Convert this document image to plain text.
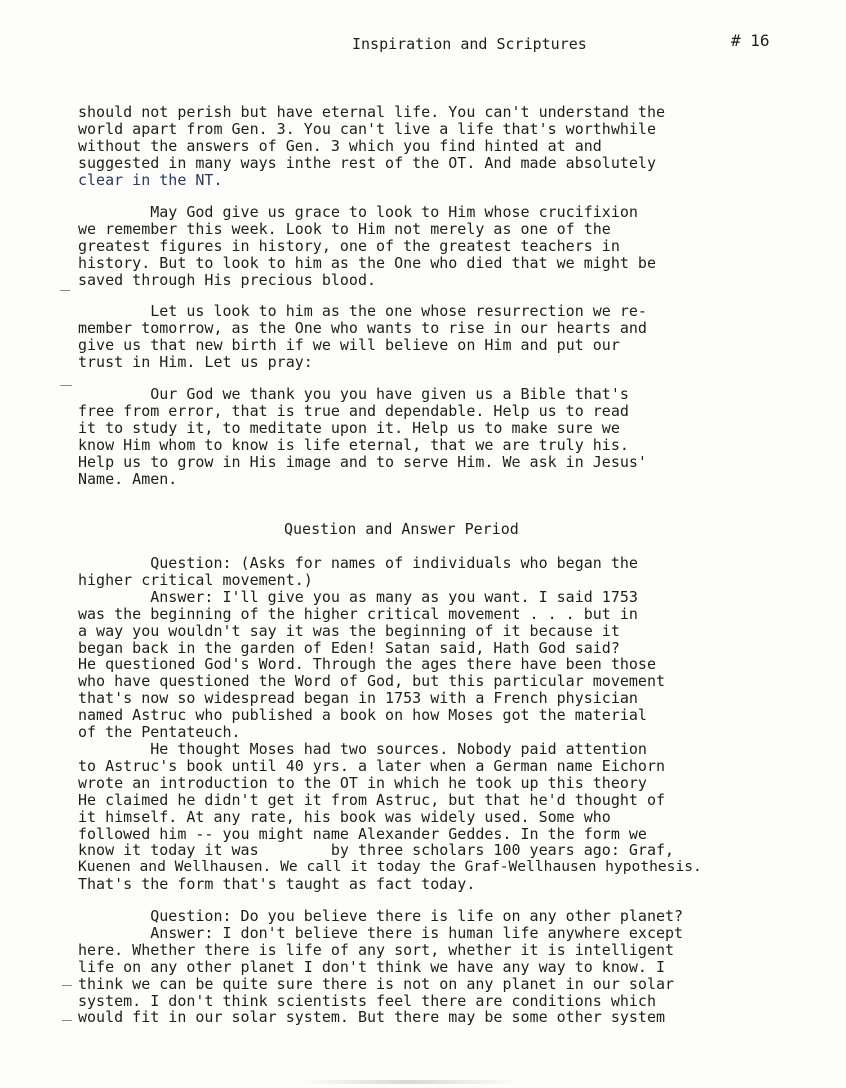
Inspiration and Scriptures	# 16

should not perish but have eternal life. You can't understand the

world apart from Gen. 3. You can't live a life that's worthwhile

without the answers of Gen. 3 which you find hinted at and

suggested in many ways inthe rest of the OT. And made absolutely

clear in the NT.

May God give us grace to look to Him whose crucifixion

we remember this week. Look to Him not merely as one of the

greatest figures in history, one of the greatest teachers in

history. But to look to him as the One who died that we might be

saved through His precious blood.

Let us look to him as the one whose resurrection we re-

member tomorrow, as the One who wants to rise in our hearts and

give us that new birth if we will believe on Him and put our

trust in Him. Let us pray:

Our God we thank you you have given us a Bible that's

free from error, that is true and dependable. Help us to read

it to study it, to meditate upon it. Help us to make sure we

know Him whom to know is life eternal, that we are truly his.

Help us to grow in His image and to serve Him. We ask in Jesus'

Name. Amen.

Question and Answer Period

Question: (Asks for names of individuals who began the

higher critical movement.)

Answer: I'll give you as many as you want. I said 1753

was the beginning of the higher critical movement . . . but in

a way you wouldn't say it was the beginning of it because it

began back in the garden of Eden! Satan said, Hath God said?

He questioned God's Word. Through the ages there have been those

who have questioned the Word of God, but this particular movement

that's now so widespread began in 1753 with a French physician

named Astruc who published a book on how Moses got the material

of the Pentateuch.

He thought Moses had two sources. Nobody paid attention

to Astruc's book until 40 yrs. a later when a German name Eichorn

wrote an introduction to the OT in which he took up this theory

He claimed he didn't get it from Astruc, but that he'd thought of

it himself. At any rate, his book was widely used. Some who

followed him -- you might name Alexander Geddes. In the form we

know it today it was        by three scholars 100 years ago: Graf,

Kuenen and Wellhausen. We call it today the Graf-Wellhausen hypothesis.

That's the form that's taught as fact today.

Question: Do you believe there is life on any other planet?

Answer: I don't believe there is human life anywhere except

here. Whether there is life of any sort, whether it is intelligent

life on any other planet I don't think we have any way to know. I

think we can be quite sure there is not on any planet in our solar

system. I don't think scientists feel there are conditions which

would fit in our solar system. But there may be some other system
